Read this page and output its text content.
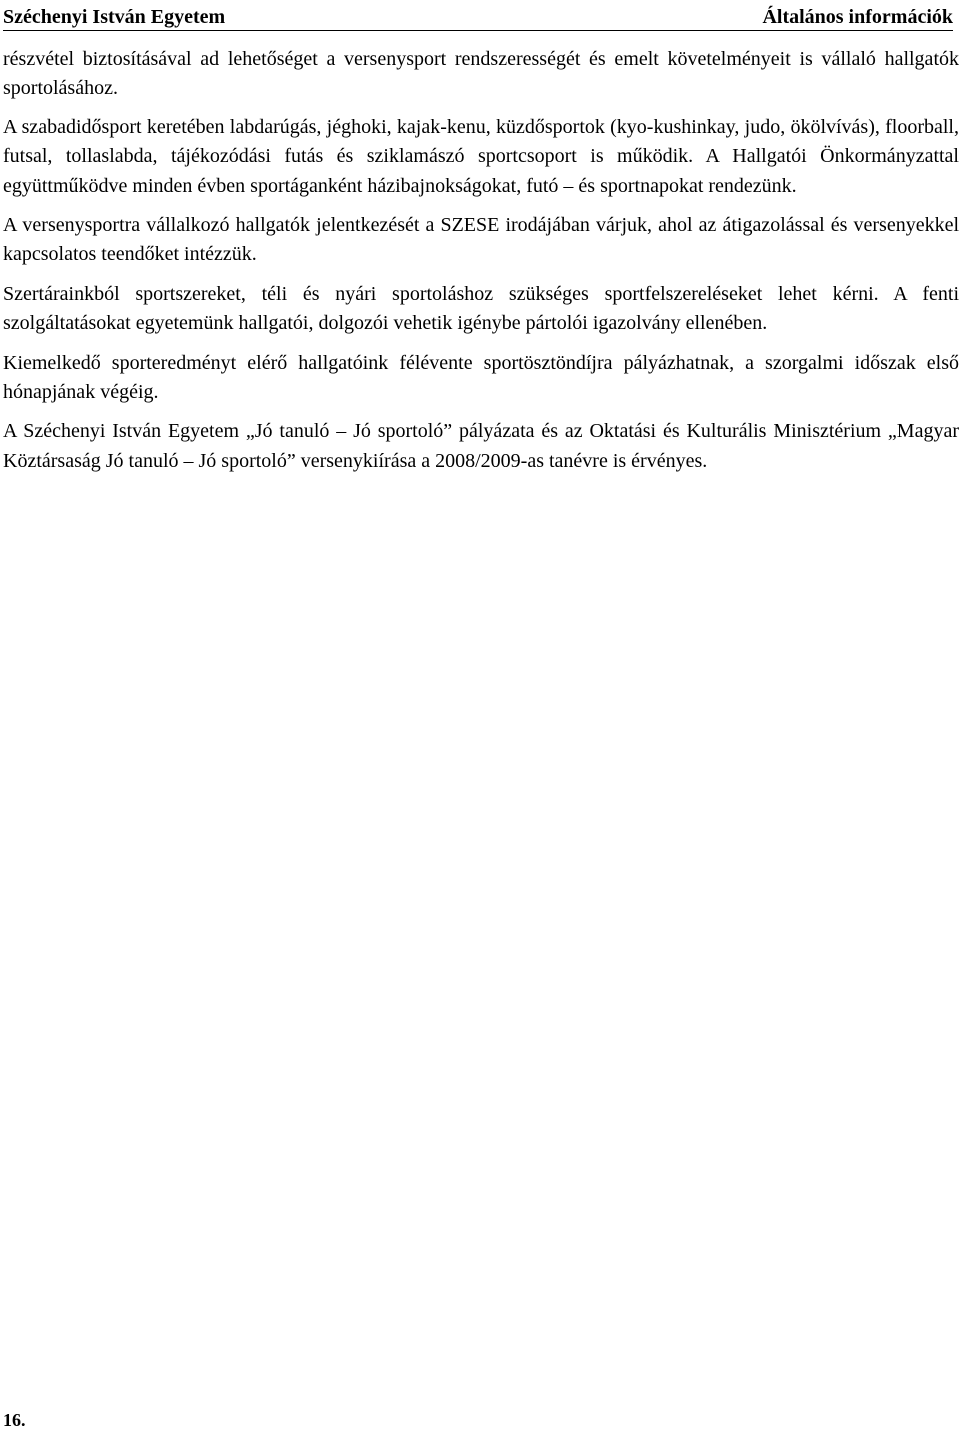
Széchenyi István Egyetem	Általános információk

részvétel biztosításával ad lehetőséget a versenysport rendszerességét és emelt követelményeit is vállaló hallgatók sportolásához.

A szabadidősport keretében labdarúgás, jéghoki, kajak-kenu, küzdősportok (kyo-kushinkay, judo, ökölvívás), floorball, futsal, tollaslabda, tájékozódási futás és sziklamászó sportcsoport is működik. A Hallgatói Önkormányzattal együttműködve minden évben sportáganként házibajnokságokat, futó – és sportnapokat rendezünk.

A versenysportra vállalkozó hallgatók jelentkezését a SZESE irodájában várjuk, ahol az átigazolással és versenyekkel kapcsolatos teendőket intézzük.

Szertárainkból sportszereket, téli és nyári sportoláshoz szükséges sportfelszereléseket lehet kérni. A fenti szolgáltatásokat egyetemünk hallgatói, dolgozói vehetik igénybe pártolói igazolvány ellenében.

Kiemelkedő sporteredményt elérő hallgatóink félévente sportösztöndíjra pályázhatnak, a szorgalmi időszak első hónapjának végéig.

A Széchenyi István Egyetem „Jó tanuló – Jó sportoló” pályázata és az Oktatási és Kulturális Minisztérium „Magyar Köztársaság Jó tanuló – Jó sportoló” versenykiírása a 2008/2009-as tanévre is érvényes.

16.
